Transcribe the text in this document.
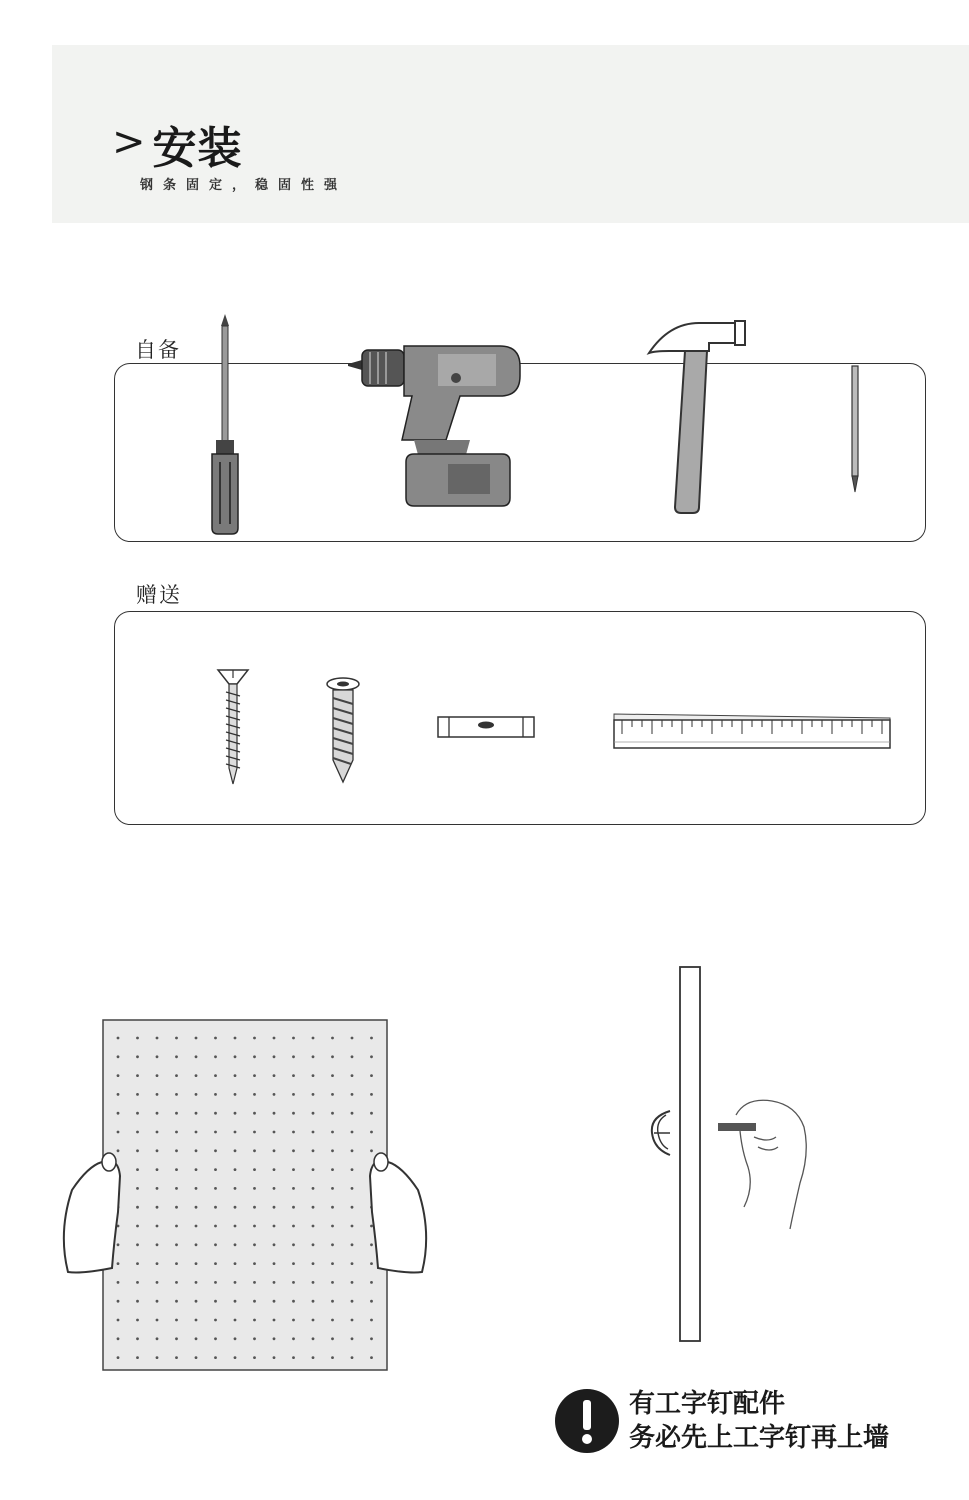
> 安装
钢条固定，稳固性强
自备
赠送
有工字钉配件
务必先上工字钉再上墙
